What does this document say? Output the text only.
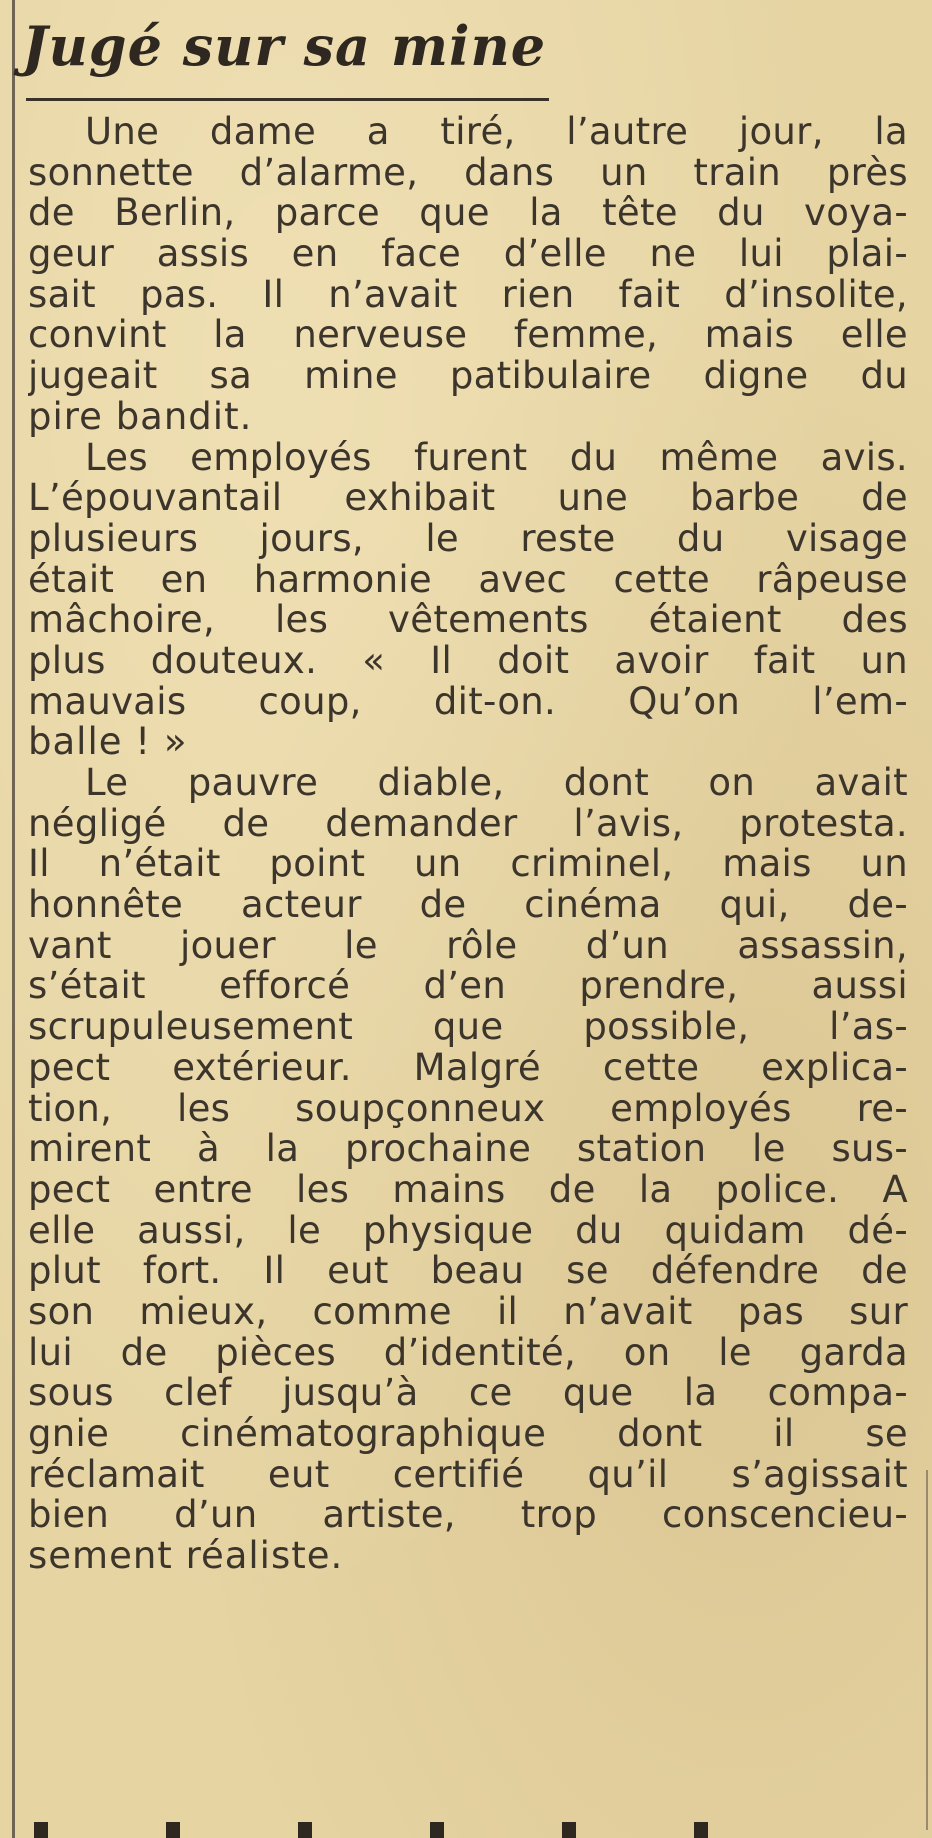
Jugé sur sa mine
Une dame a tiré, l’autre jour, la
sonnette d’alarme, dans un train près
de Berlin, parce que la tête du voya-
geur assis en face d’elle ne lui plai-
sait pas. Il n’avait rien fait d’insolite,
convint la nerveuse femme, mais elle
jugeait sa mine patibulaire digne du
pire bandit.
Les employés furent du même avis.
L’épouvantail exhibait une barbe de
plusieurs jours, le reste du visage
était en harmonie avec cette râpeuse
mâchoire, les vêtements étaient des
plus douteux. « Il doit avoir fait un
mauvais coup, dit-on. Qu’on l’em-
balle ! »
Le pauvre diable, dont on avait
négligé de demander l’avis, protesta.
Il n’était point un criminel, mais un
honnête acteur de cinéma qui, de-
vant jouer le rôle d’un assassin,
s’était efforcé d’en prendre, aussi
scrupuleusement que possible, l’as-
pect extérieur. Malgré cette explica-
tion, les soupçonneux employés re-
mirent à la prochaine station le sus-
pect entre les mains de la police. A
elle aussi, le physique du quidam dé-
plut fort. Il eut beau se défendre de
son mieux, comme il n’avait pas sur
lui de pièces d’identité, on le garda
sous clef jusqu’à ce que la compa-
gnie cinématographique dont il se
réclamait eut certifié qu’il s’agissait
bien d’un artiste, trop conscencieu-
sement réaliste.
